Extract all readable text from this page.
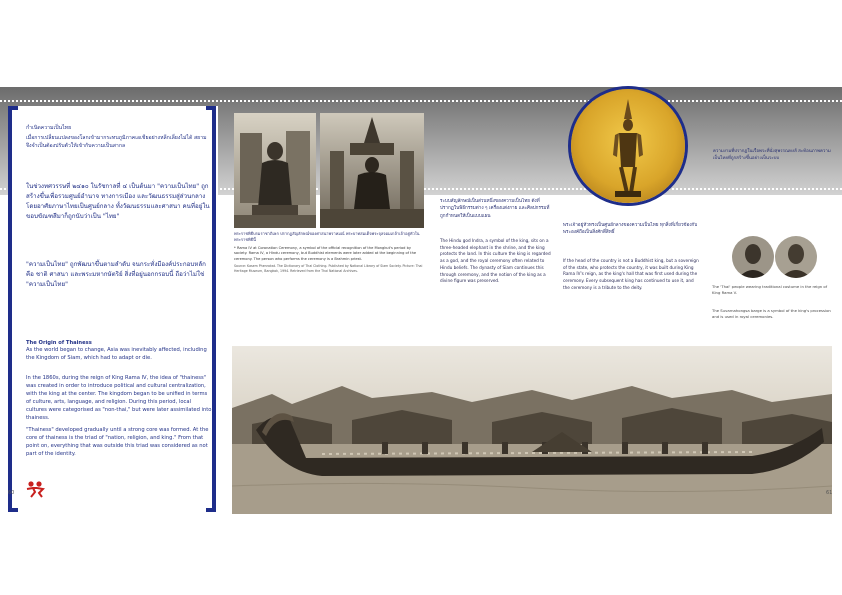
กำเนิดความเป็นไทย
เมื่อการเปลี่ยนแปลงของโลกเข้ามากระทบภูมิภาคเอเชียอย่างหลีกเลี่ยงไม่ได้ สยามจึงจำเป็นต้องปรับตัวให้เข้ากับความเป็นสากล
ในช่วงทศวรรษที่ ๒๔๑๐ ในรัชกาลที่ ๔ เป็นต้นมา "ความเป็นไทย" ถูกสร้างขึ้นเพื่อรวมศูนย์อำนาจ ทางการเมือง และวัฒนธรรมสู่ส่วนกลาง โดยอาศัยภาษาไทยเป็นศูนย์กลาง ทั้งวัฒนธรรมและศาสนา คนที่อยู่ในขอบขัณฑสีมาก็ถูกนับว่าเป็น "ไทย"
"ความเป็นไทย" ถูกพัฒนาขึ้นตามลำดับ จนกระทั่งมีองค์ประกอบหลัก คือ ชาติ ศาสนา และพระมหากษัตริย์ สิ่งที่อยู่นอกกรอบนี้ ถือว่าไม่ใช่ "ความเป็นไทย"
The Origin of Thainess
As the world began to change, Asia was inevitably affected, including the Kingdom of Siam, which had to adapt or die.
In the 1860s, during the reign of King Rama IV, the idea of "thainess" was created in order to introduce political and cultural centralization, with the king at the center. The kingdom began to be unified in terms of culture, arts, language, and religion. During this period, local cultures were categorised as "non-thai," but were later assimilated into thainess.
"Thainess" developed gradually until a strong core was formed. At the core of thainess is the triad of "nation, religion, and king." From that point on, everything that was outside this triad was considered as not part of the identity.
60
พระราชพิธีบรมราชาภิเษก ปรากฏสัญลักษณ์ของศาสนาพราหมณ์ พระบาทสมเด็จพระจุลจอมเกล้าเจ้าอยู่หัวในพระราชพิธีนี้
* Rama IV at Coronation Ceremony, a symbol of the official recognition of the Mongkut's period by society. Rama IV, a Hindu ceremony, but Buddhist elements were later added at the beginning of the ceremony. The person who performs the ceremony is a Brahmin priest.
Source: Kasem Phenrakat. The Dictionary of Thai Clothing. Published by National Library of Siam Society. Picture: Thai Heritage Museum, Bangkok, 1994. Retrieved from the Thai National Archives.
ระบบสัญลักษณ์เป็นส่วนหนึ่งของความเป็นไทย ดังที่ปรากฏในพิธีกรรมต่าง ๆ เครื่องแต่งกาย และศิลปกรรมที่ถูกกำหนดให้เป็นแบบแผน
The Hindu god Indra, a symbol of the king, sits on a three-headed elephant in the shrine, and the king protects the land. In this culture the king is regarded as a god, and the royal ceremony often related to Hindu beliefs. The dynasty of Siam continues this through ceremony, and the notion of the king as a divine figure was preserved.
พระเจ้าอยู่หัวทรงเป็นศูนย์กลางของความเป็นไทย ทุกสิ่งที่เกี่ยวข้องกับพระองค์ถือเป็นสิ่งศักดิ์สิทธิ์
If the head of the country is not a Buddhist king, but a sovereign of the state, who protects the country, it was built during King Rama IV's reign, as the king's hall that was first used during the ceremony. Every subsequent king has continued to use it, and the ceremony is a tribute to the deity.
ความงามที่ปรากฏในเรือพระที่นั่งสุพรรณหงส์ สะท้อนภาพความเป็นไทยที่ถูกสร้างขึ้นอย่างเป็นระบบ
The 'Thai' people wearing traditional costume in the reign of King Rama V.
The Suvarnahongsa barge is a symbol of the king's procession and is used in royal ceremonies.
61
